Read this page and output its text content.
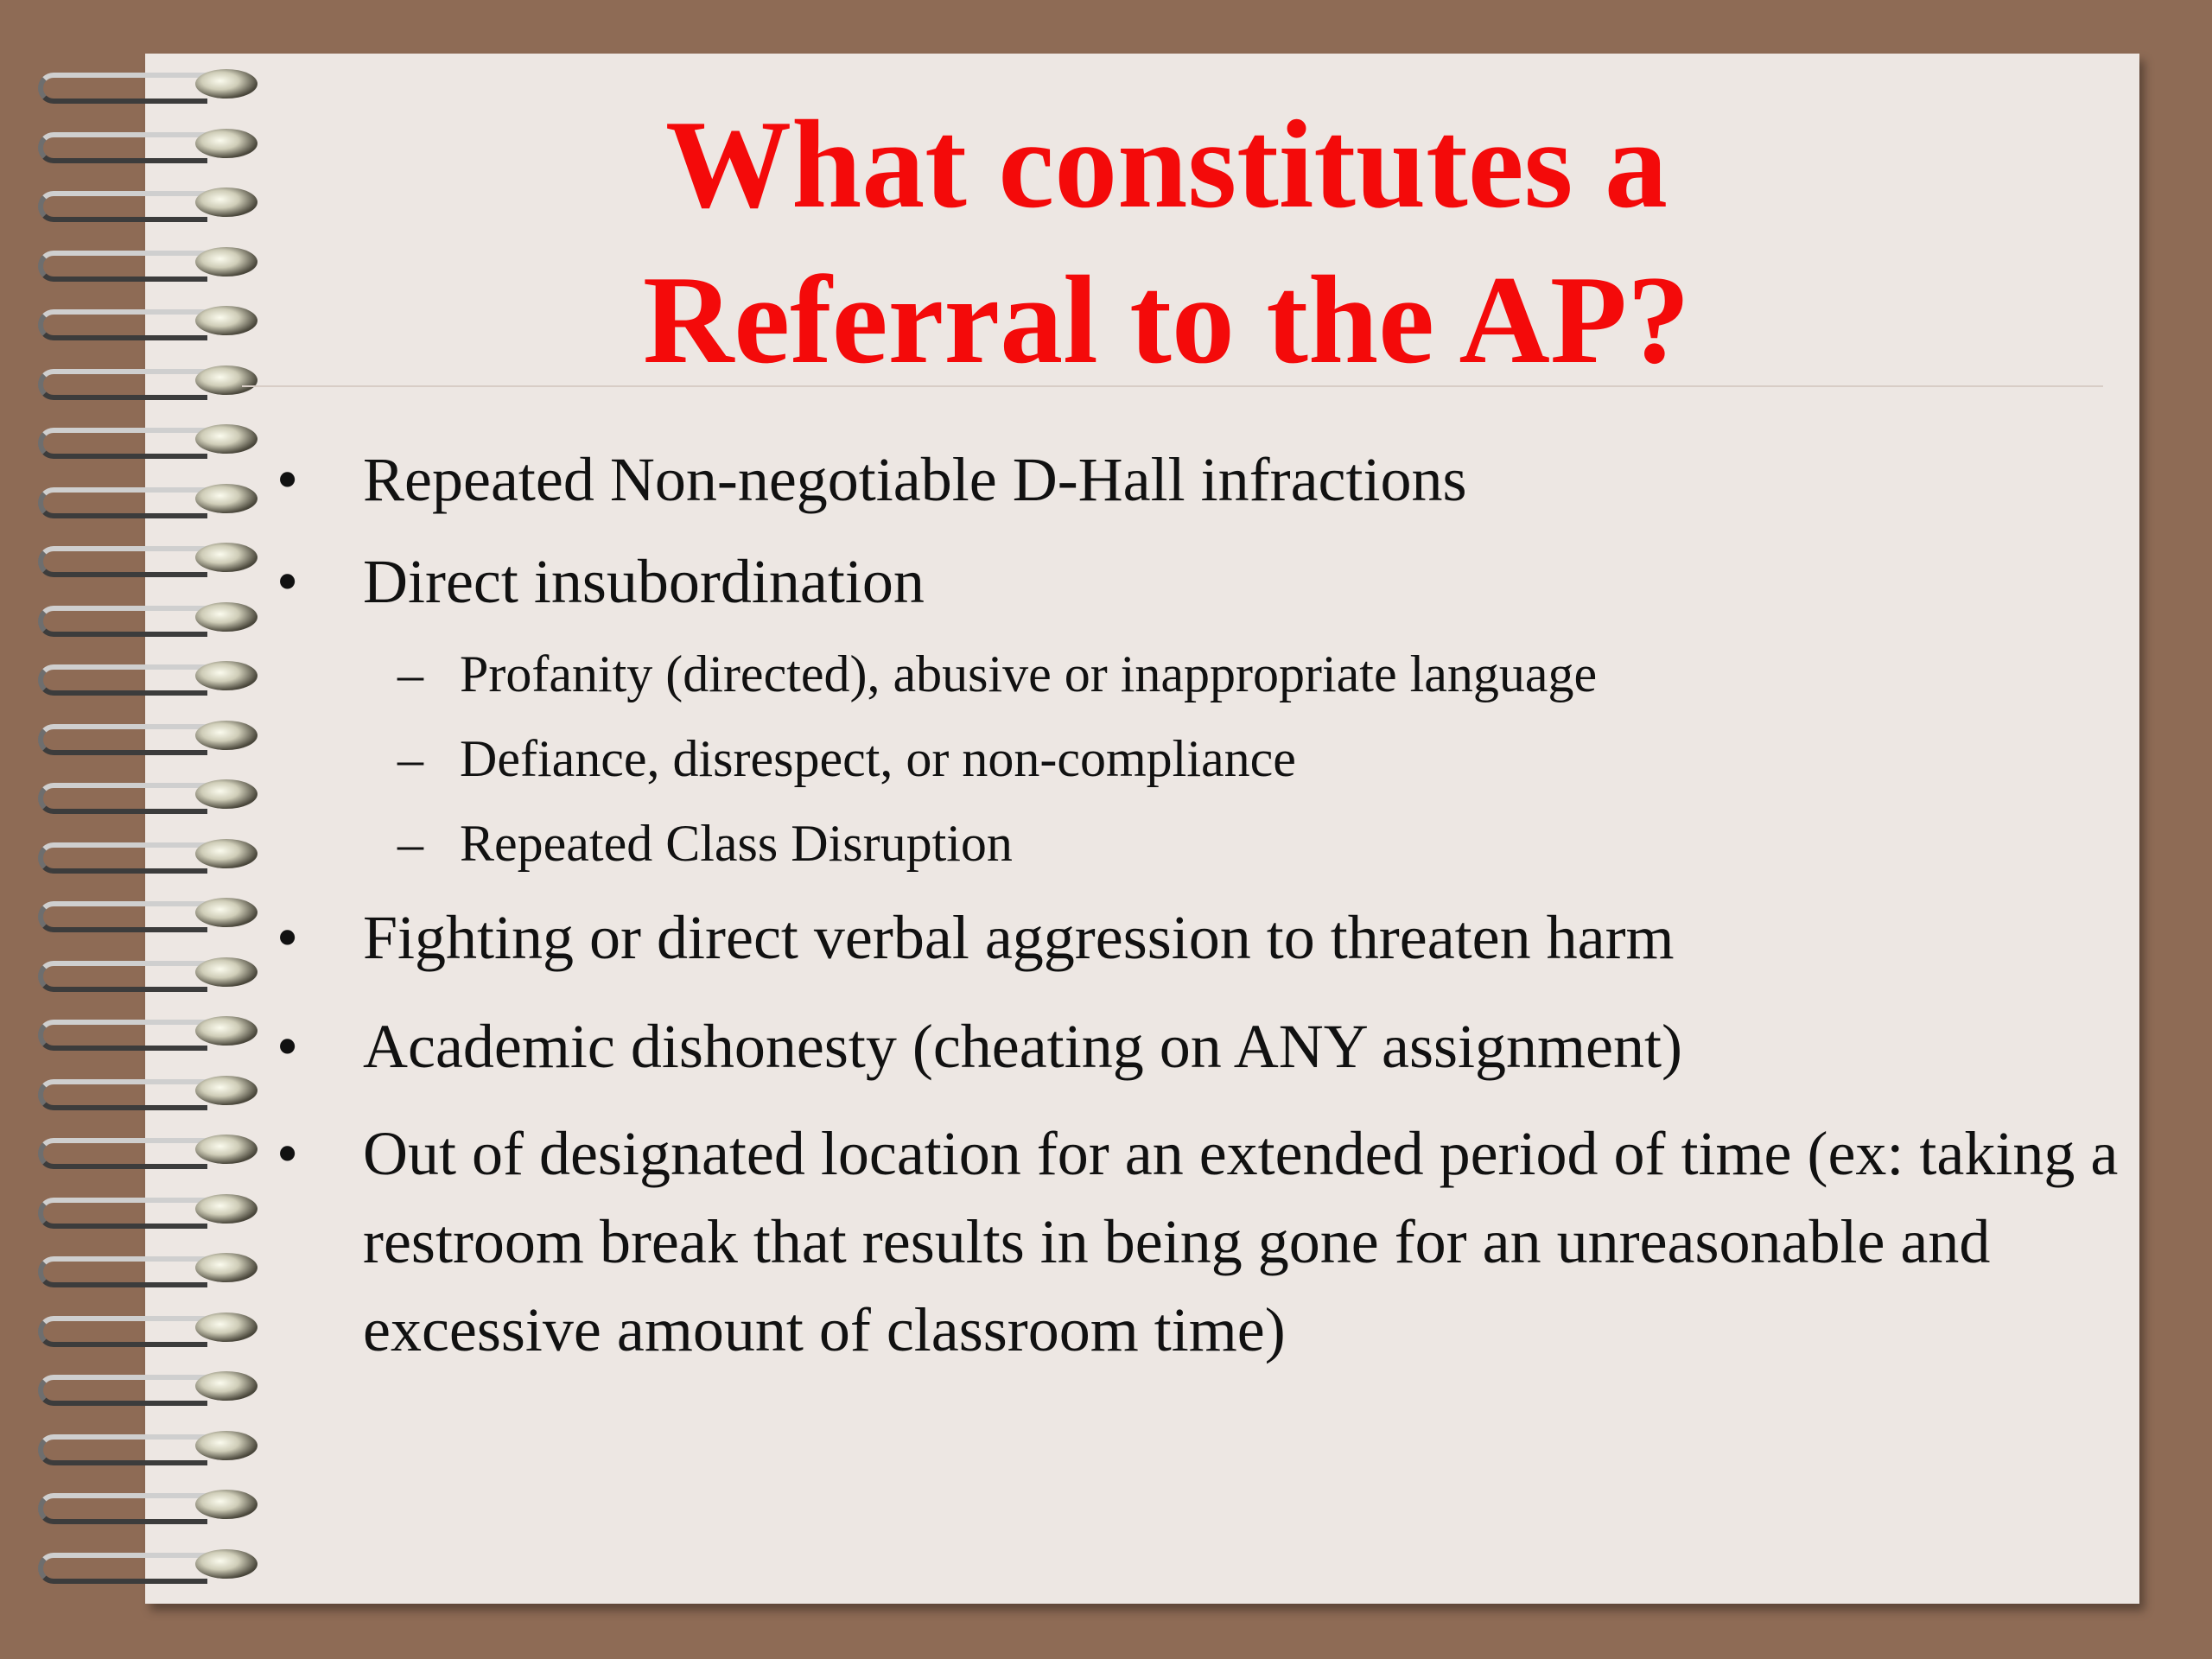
What constitutes a
Referral to the AP?
•	Repeated Non-negotiable D-Hall infractions
•	Direct insubordination
– Profanity (directed), abusive or inappropriate language
– Defiance, disrespect, or non-compliance
– Repeated Class Disruption
•	Fighting or direct verbal aggression to threaten harm
•	Academic dishonesty (cheating on ANY assignment)
•	Out of designated location for an extended period of time (ex: taking a restroom break that results in being gone for an unreasonable and excessive amount of classroom time)
